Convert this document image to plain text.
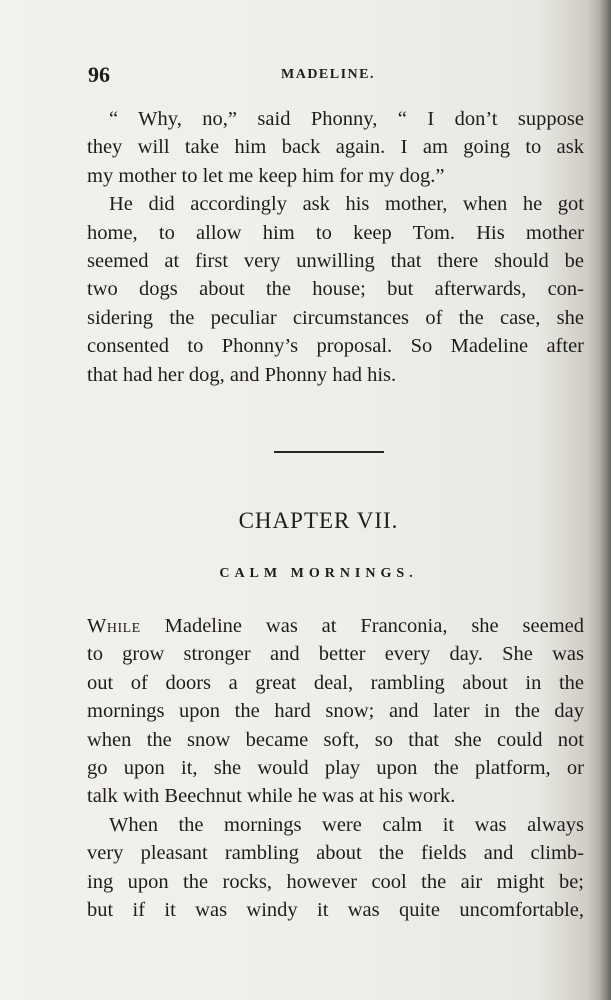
96	MADELINE.

“ Why, no,” said Phonny, “ I don’t suppose

they will take him back again. I am going to ask
my mother to let me keep him for my dog.”

He did accordingly ask his mother, when he got

home, to allow him to keep Tom. His mother
seemed at first very unwilling that there should be
two dogs about the house; but afterwards, con-
sidering the peculiar circumstances of the case, she
consented to Phonny’s proposal. So Madeline after
that had her dog, and Phonny had his.

CHAPTER VII.
CALM MORNINGS.

While Madeline was at Franconia, she seemed
to grow stronger and better every day. She was
out of doors a great deal, rambling about in the
mornings upon the hard snow; and later in the day
when the snow became soft, so that she could not
go upon it, she would play upon the platform, or
talk with Beechnut while he was at his work.

When the mornings were calm it was always

very pleasant rambling about the fields and climb-
ing upon the rocks, however cool the air might be;
but if it was windy it was quite uncomfortable,
